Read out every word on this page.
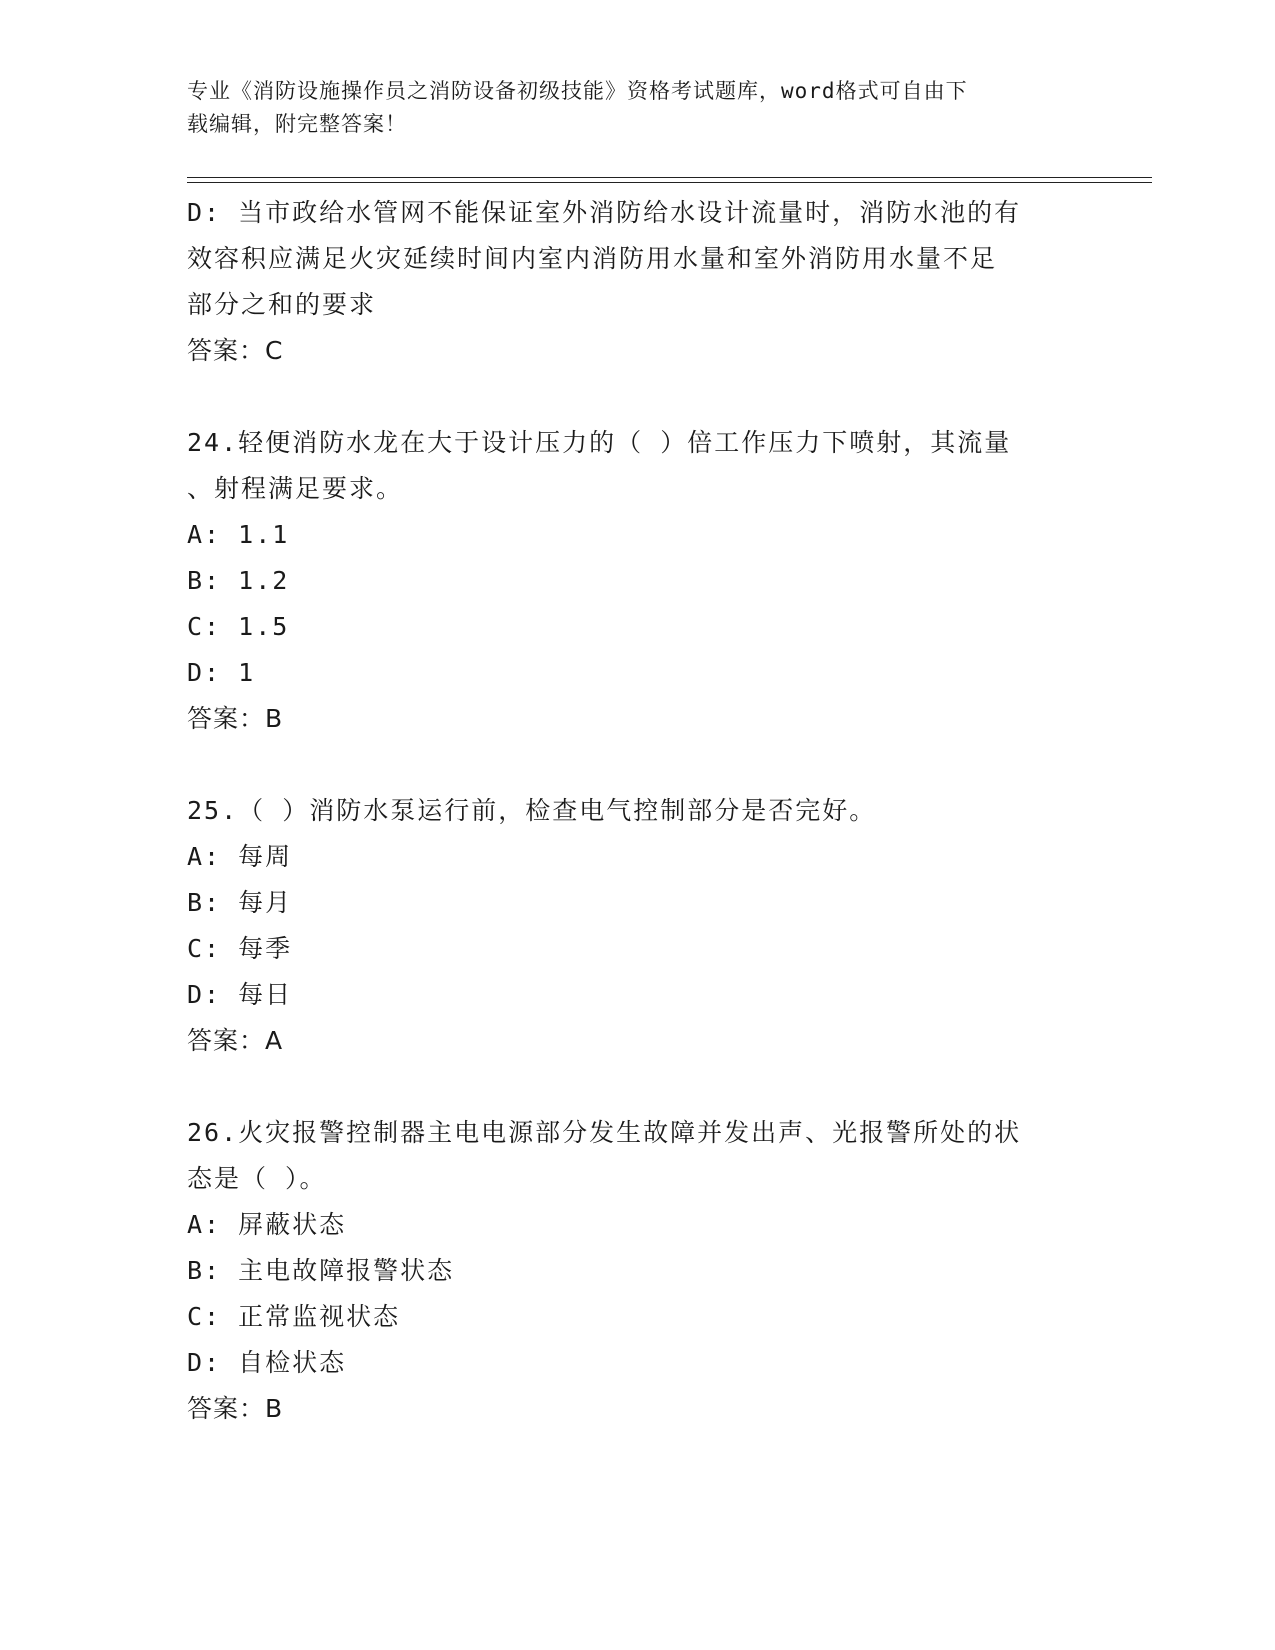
专业《消防设施操作员之消防设备初级技能》资格考试题库，word格式可自由下
载编辑，附完整答案！
D: 当市政给水管网不能保证室外消防给水设计流量时，消防水池的有
效容积应满足火灾延续时间内室内消防用水量和室外消防用水量不足
部分之和的要求
答案：C
24.轻便消防水龙在大于设计压力的（ ）倍工作压力下喷射，其流量
、射程满足要求。
A: 1.1
B: 1.2
C: 1.5
D: 1
答案：B
25.（ ）消防水泵运行前，检查电气控制部分是否完好。
A: 每周
B: 每月
C: 每季
D: 每日
答案：A
26.火灾报警控制器主电电源部分发生故障并发出声、光报警所处的状
态是（ ）。
A: 屏蔽状态
B: 主电故障报警状态
C: 正常监视状态
D: 自检状态
答案：B
